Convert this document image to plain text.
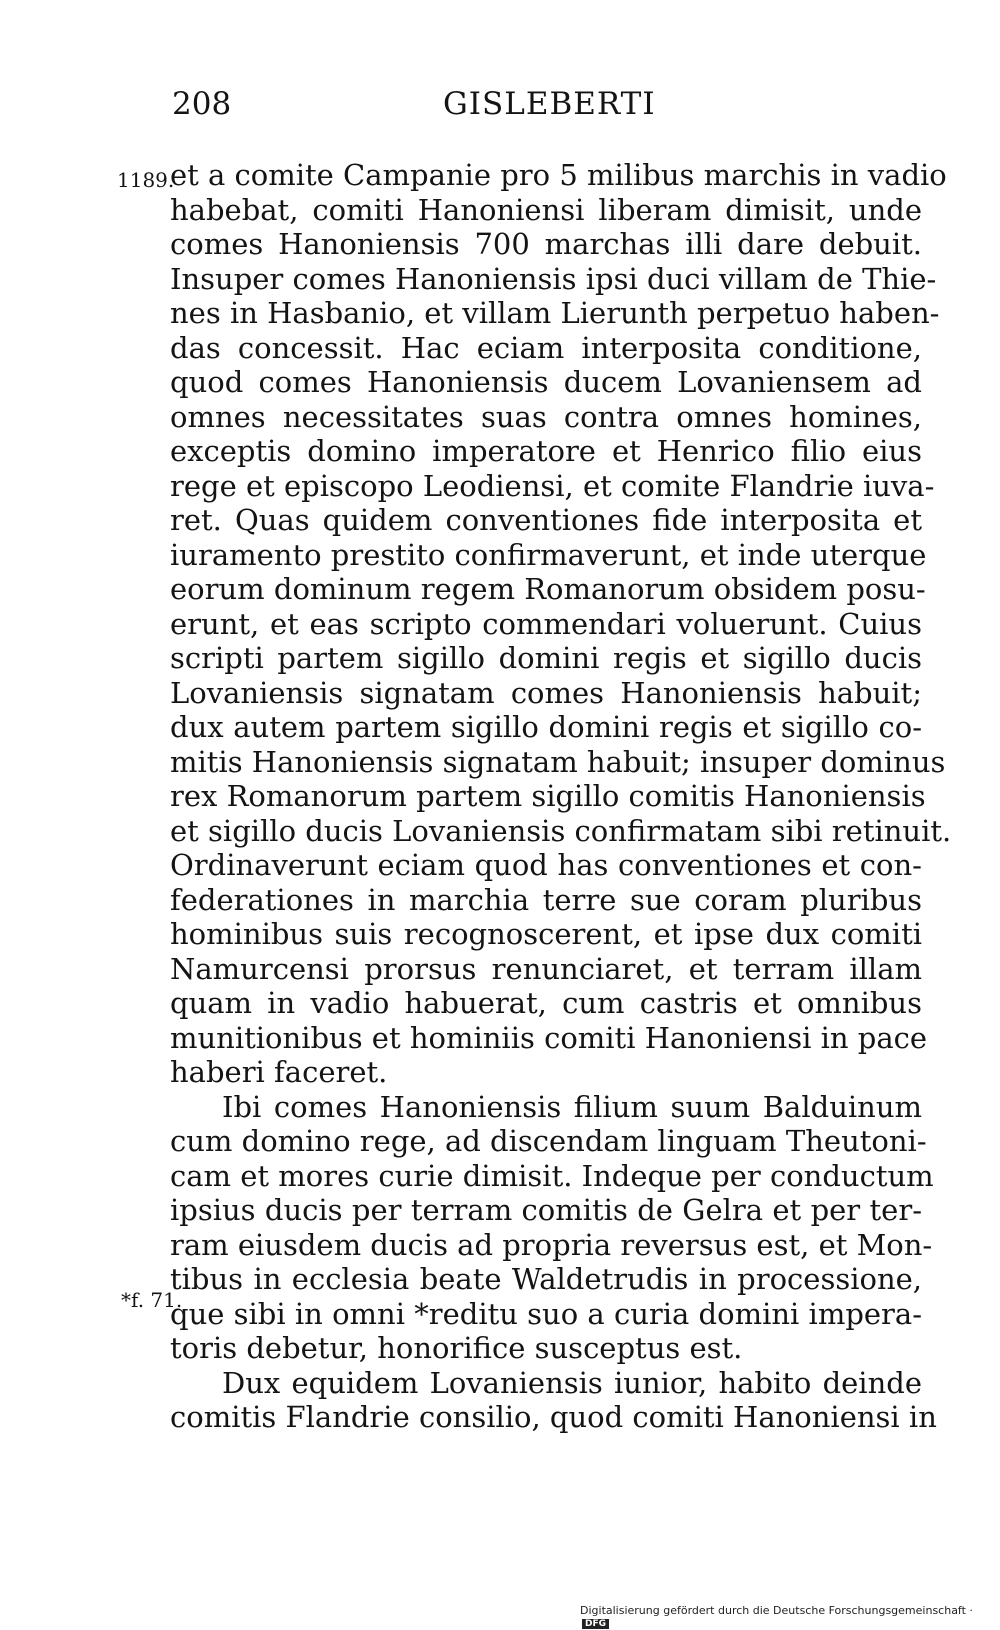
208	GISLEBERTI
1189.
*f. 71.
et a comite Campanie pro 5 milibus marchis in vadio
habebat, comiti Hanoniensi liberam dimisit, unde
comes Hanoniensis 700 marchas illi dare debuit.
Insuper comes Hanoniensis ipsi duci villam de Thie-
nes in Hasbanio, et villam Lierunth perpetuo haben-
das concessit. Hac eciam interposita conditione,
quod comes Hanoniensis ducem Lovaniensem ad
omnes necessitates suas contra omnes homines,
exceptis domino imperatore et Henrico filio eius
rege et episcopo Leodiensi, et comite Flandrie iuva-
ret. Quas quidem conventiones fide interposita et
iuramento prestito confirmaverunt, et inde uterque
eorum dominum regem Romanorum obsidem posu-
erunt, et eas scripto commendari voluerunt. Cuius
scripti partem sigillo domini regis et sigillo ducis
Lovaniensis signatam comes Hanoniensis habuit;
dux autem partem sigillo domini regis et sigillo co-
mitis Hanoniensis signatam habuit; insuper dominus
rex Romanorum partem sigillo comitis Hanoniensis
et sigillo ducis Lovaniensis confirmatam sibi retinuit.
Ordinaverunt eciam quod has conventiones et con-
federationes in marchia terre sue coram pluribus
hominibus suis recognoscerent, et ipse dux comiti
Namurcensi prorsus renunciaret, et terram illam
quam in vadio habuerat, cum castris et omnibus
munitionibus et hominiis comiti Hanoniensi in pace
haberi faceret.
Ibi comes Hanoniensis filium suum Balduinum
cum domino rege, ad discendam linguam Theutoni-
cam et mores curie dimisit. Indeque per conductum
ipsius ducis per terram comitis de Gelra et per ter-
ram eiusdem ducis ad propria reversus est, et Mon-
tibus in ecclesia beate Waldetrudis in processione,
que sibi in omni *reditu suo a curia domini impera-
toris debetur, honorifice susceptus est.
Dux equidem Lovaniensis iunior, habito deinde
comitis Flandrie consilio, quod comiti Hanoniensi in
Digitalisierung gefördert durch die Deutsche Forschungsgemeinschaft · DFG
